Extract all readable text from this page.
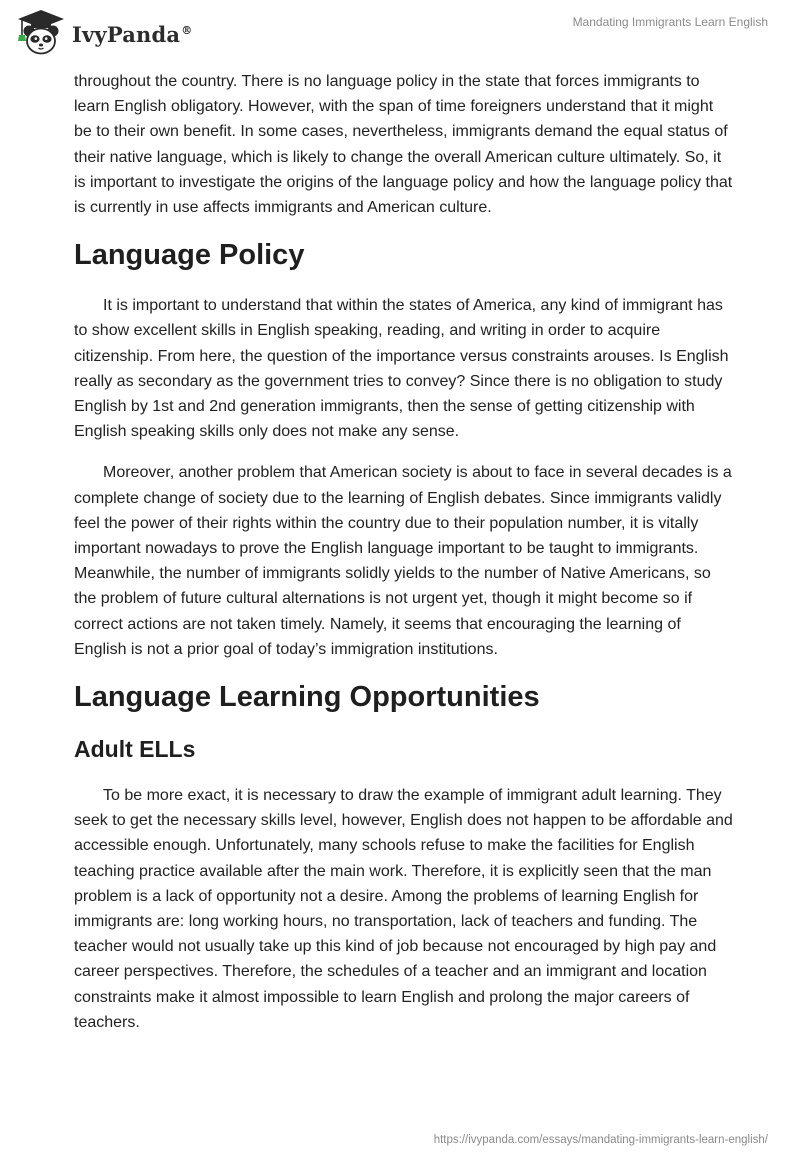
IvyPanda®
Mandating Immigrants Learn English

throughout the country. There is no language policy in the state that forces immigrants to learn English obligatory. However, with the span of time foreigners understand that it might be to their own benefit. In some cases, nevertheless, immigrants demand the equal status of their native language, which is likely to change the overall American culture ultimately. So, it is important to investigate the origins of the language policy and how the language policy that is currently in use affects immigrants and American culture.

Language Policy

It is important to understand that within the states of America, any kind of immigrant has to show excellent skills in English speaking, reading, and writing in order to acquire citizenship. From here, the question of the importance versus constraints arouses. Is English really as secondary as the government tries to convey? Since there is no obligation to study English by 1st and 2nd generation immigrants, then the sense of getting citizenship with English speaking skills only does not make any sense.

Moreover, another problem that American society is about to face in several decades is a complete change of society due to the learning of English debates. Since immigrants validly feel the power of their rights within the country due to their population number, it is vitally important nowadays to prove the English language important to be taught to immigrants. Meanwhile, the number of immigrants solidly yields to the number of Native Americans, so the problem of future cultural alternations is not urgent yet, though it might become so if correct actions are not taken timely. Namely, it seems that encouraging the learning of English is not a prior goal of today’s immigration institutions.

Language Learning Opportunities
Adult ELLs

To be more exact, it is necessary to draw the example of immigrant adult learning. They seek to get the necessary skills level, however, English does not happen to be affordable and accessible enough. Unfortunately, many schools refuse to make the facilities for English teaching practice available after the main work. Therefore, it is explicitly seen that the man problem is a lack of opportunity not a desire. Among the problems of learning English for immigrants are: long working hours, no transportation, lack of teachers and funding. The teacher would not usually take up this kind of job because not encouraged by high pay and career perspectives. Therefore, the schedules of a teacher and an immigrant and location constraints make it almost impossible to learn English and prolong the major careers of teachers.

https://ivypanda.com/essays/mandating-immigrants-learn-english/
